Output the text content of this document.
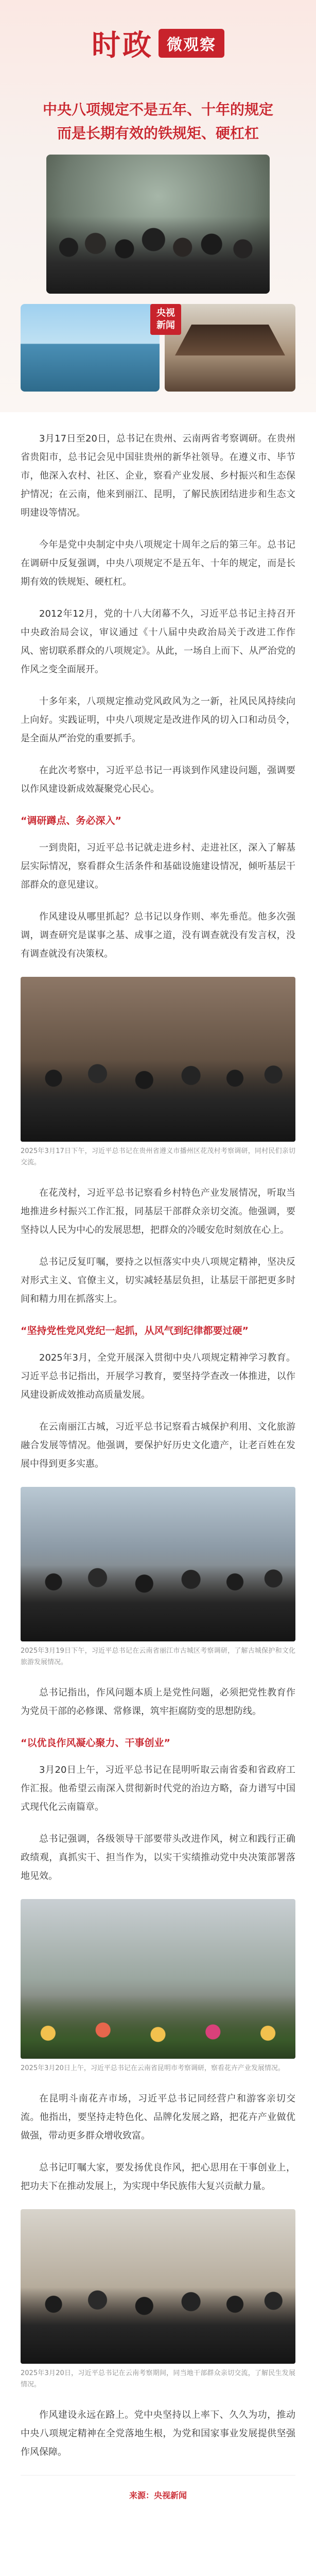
时政 微观察
中央八项规定不是五年、十年的规定
而是长期有效的铁规矩、硬杠杠
央视
新闻

3月17日至20日，总书记在贵州、云南两省考察调研。在贵州省贵阳市，总书记会见中国驻贵州的新华社领导。在遵义市、毕节市，他深入农村、社区、企业，察看产业发展、乡村振兴和生态保护情况；在云南，他来到丽江、昆明，了解民族团结进步和生态文明建设等情况。

今年是党中央制定中央八项规定十周年之后的第三年。总书记在调研中反复强调，中央八项规定不是五年、十年的规定，而是长期有效的铁规矩、硬杠杠。

2012年12月，党的十八大闭幕不久，习近平总书记主持召开中央政治局会议，审议通过《十八届中央政治局关于改进工作作风、密切联系群众的八项规定》。从此，一场自上而下、从严治党的作风之变全面展开。

十多年来，八项规定推动党风政风为之一新，社风民风持续向上向好。实践证明，中央八项规定是改进作风的切入口和动员令，是全面从严治党的重要抓手。

在此次考察中，习近平总书记一再谈到作风建设问题，强调要以作风建设新成效凝聚党心民心。

“调研蹲点、务必深入”

一到贵阳，习近平总书记就走进乡村、走进社区，深入了解基层实际情况，察看群众生活条件和基础设施建设情况，倾听基层干部群众的意见建议。

作风建设从哪里抓起？总书记以身作则、率先垂范。他多次强调，调查研究是谋事之基、成事之道，没有调查就没有发言权，没有调查就没有决策权。

2025年3月17日下午，习近平总书记在贵州省遵义市播州区花茂村考察调研，同村民们亲切交流。

在花茂村，习近平总书记察看乡村特色产业发展情况，听取当地推进乡村振兴工作汇报，同基层干部群众亲切交流。他强调，要坚持以人民为中心的发展思想，把群众的冷暖安危时刻放在心上。

总书记反复叮嘱，要持之以恒落实中央八项规定精神，坚决反对形式主义、官僚主义，切实减轻基层负担，让基层干部把更多时间和精力用在抓落实上。

“坚持党性党风党纪一起抓，从风气到纪律都要过硬”

2025年3月，全党开展深入贯彻中央八项规定精神学习教育。习近平总书记指出，开展学习教育，要坚持学查改一体推进，以作风建设新成效推动高质量发展。

在云南丽江古城，习近平总书记察看古城保护利用、文化旅游融合发展等情况。他强调，要保护好历史文化遗产，让老百姓在发展中得到更多实惠。

2025年3月19日下午，习近平总书记在云南省丽江市古城区考察调研，了解古城保护和文化旅游发展情况。

总书记指出，作风问题本质上是党性问题，必须把党性教育作为党员干部的必修课、常修课，筑牢拒腐防变的思想防线。

“以优良作风凝心聚力、干事创业”

3月20日上午，习近平总书记在昆明听取云南省委和省政府工作汇报。他希望云南深入贯彻新时代党的治边方略，奋力谱写中国式现代化云南篇章。

总书记强调，各级领导干部要带头改进作风，树立和践行正确政绩观，真抓实干、担当作为，以实干实绩推动党中央决策部署落地见效。

2025年3月20日上午，习近平总书记在云南省昆明市考察调研，察看花卉产业发展情况。

在昆明斗南花卉市场，习近平总书记同经营户和游客亲切交流。他指出，要坚持走特色化、品牌化发展之路，把花卉产业做优做强，带动更多群众增收致富。

总书记叮嘱大家，要发扬优良作风，把心思用在干事创业上，把功夫下在推动发展上，为实现中华民族伟大复兴贡献力量。

2025年3月20日，习近平总书记在云南考察期间，同当地干部群众亲切交流，了解民生发展情况。

作风建设永远在路上。党中央坚持以上率下、久久为功，推动中央八项规定精神在全党落地生根，为党和国家事业发展提供坚强作风保障。

来源：央视新闻
